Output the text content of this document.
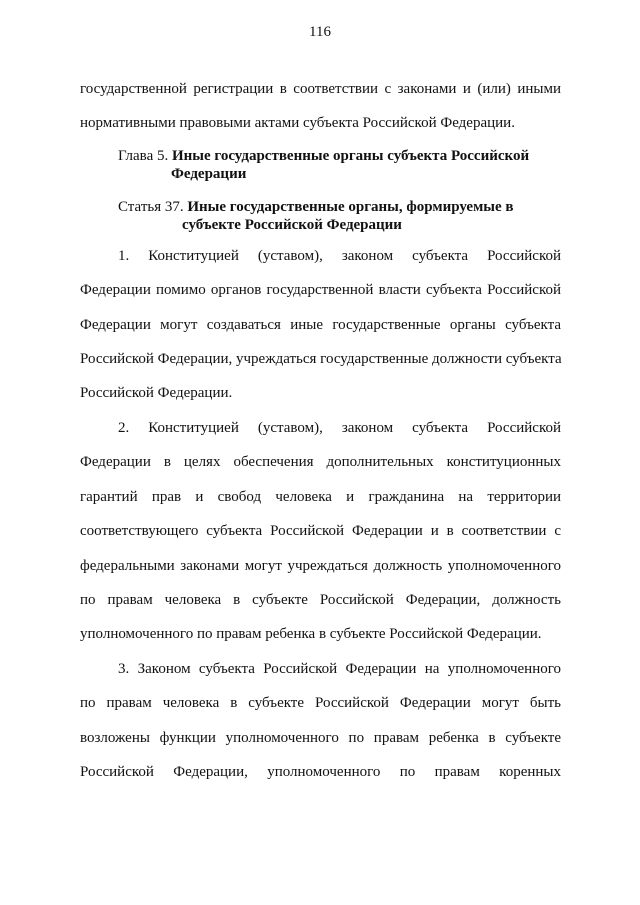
116
государственной регистрации в соответствии с законами и (или) иными
нормативными правовыми актами субъекта Российской Федерации.
Глава 5. Иные государственные органы субъекта Российской
Федерации
Статья 37. Иные государственные органы, формируемые в
субъекте Российской Федерации
1. Конституцией (уставом), законом субъекта Российской
Федерации помимо органов государственной власти субъекта Российской
Федерации могут создаваться иные государственные органы субъекта
Российской Федерации, учреждаться государственные должности субъекта
Российской Федерации.
2. Конституцией (уставом), законом субъекта Российской
Федерации в целях обеспечения дополнительных конституционных
гарантий прав и свобод человека и гражданина на территории
соответствующего субъекта Российской Федерации и в соответствии с
федеральными законами могут учреждаться должность уполномоченного
по правам человека в субъекте Российской Федерации, должность
уполномоченного по правам ребенка в субъекте Российской Федерации.
3. Законом субъекта Российской Федерации на уполномоченного
по правам человека в субъекте Российской Федерации могут быть
возложены функции уполномоченного по правам ребенка в субъекте
Российской Федерации, уполномоченного по правам коренных
